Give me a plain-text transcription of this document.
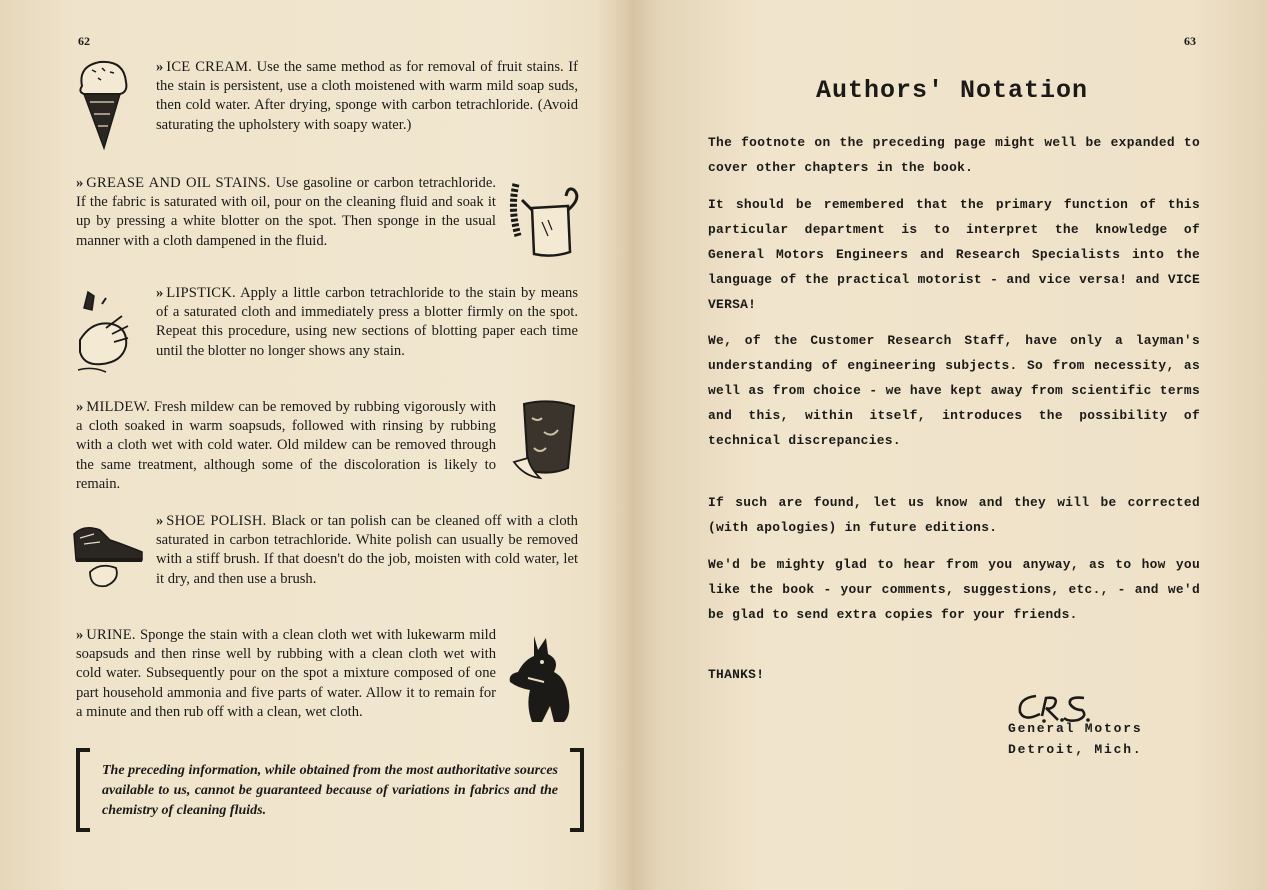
62
» ICE CREAM. Use the same method as for removal of fruit stains. If the stain is persistent, use a cloth moistened with warm mild soap suds, then cold water. After drying, sponge with carbon tetrachloride. (Avoid saturating the upholstery with soapy water.)
» GREASE AND OIL STAINS. Use gasoline or carbon tetrachloride. If the fabric is saturated with oil, pour on the cleaning fluid and soak it up by pressing a white blotter on the spot. Then sponge in the usual manner with a cloth dampened in the fluid.
» LIPSTICK. Apply a little carbon tetrachloride to the stain by means of a saturated cloth and immediately press a blotter firmly on the spot. Repeat this procedure, using new sections of blotting paper each time until the blotter no longer shows any stain.
» MILDEW. Fresh mildew can be removed by rubbing vigorously with a cloth soaked in warm soapsuds, followed with rinsing by rubbing with a cloth wet with cold water. Old mildew can be removed through the same treatment, although some of the discoloration is likely to remain.
» SHOE POLISH. Black or tan polish can be cleaned off with a cloth saturated in carbon tetrachloride. White polish can usually be removed with a stiff brush. If that doesn't do the job, moisten with cold water, let it dry, and then use a brush.
» URINE. Sponge the stain with a clean cloth wet with lukewarm mild soapsuds and then rinse well by rubbing with a clean cloth wet with cold water. Subsequently pour on the spot a mixture composed of one part household ammonia and five parts of water. Allow it to remain for a minute and then rub off with a clean, wet cloth.
The preceding information, while obtained from the most authoritative sources available to us, cannot be guaranteed because of variations in fabrics and the chemistry of cleaning fluids.
63
Authors' Notation
The footnote on the preceding page might well be expanded to cover other chapters in the book.
It should be remembered that the primary function of this particular department is to interpret the knowledge of General Motors Engineers and Research Specialists into the language of the practical motorist - and vice versa! and VICE VERSA!
We, of the Customer Research Staff, have only a layman's understanding of engineering subjects. So from necessity, as well as from choice - we have kept away from scientific terms and this, within itself, introduces the possibility of technical discrepancies.
If such are found, let us know and they will be corrected (with apologies) in future editions.
We'd be mighty glad to hear from you anyway, as to how you like the book - your comments, suggestions, etc., - and we'd be glad to send extra copies for your friends.
THANKS!
General Motors
Detroit, Mich.
